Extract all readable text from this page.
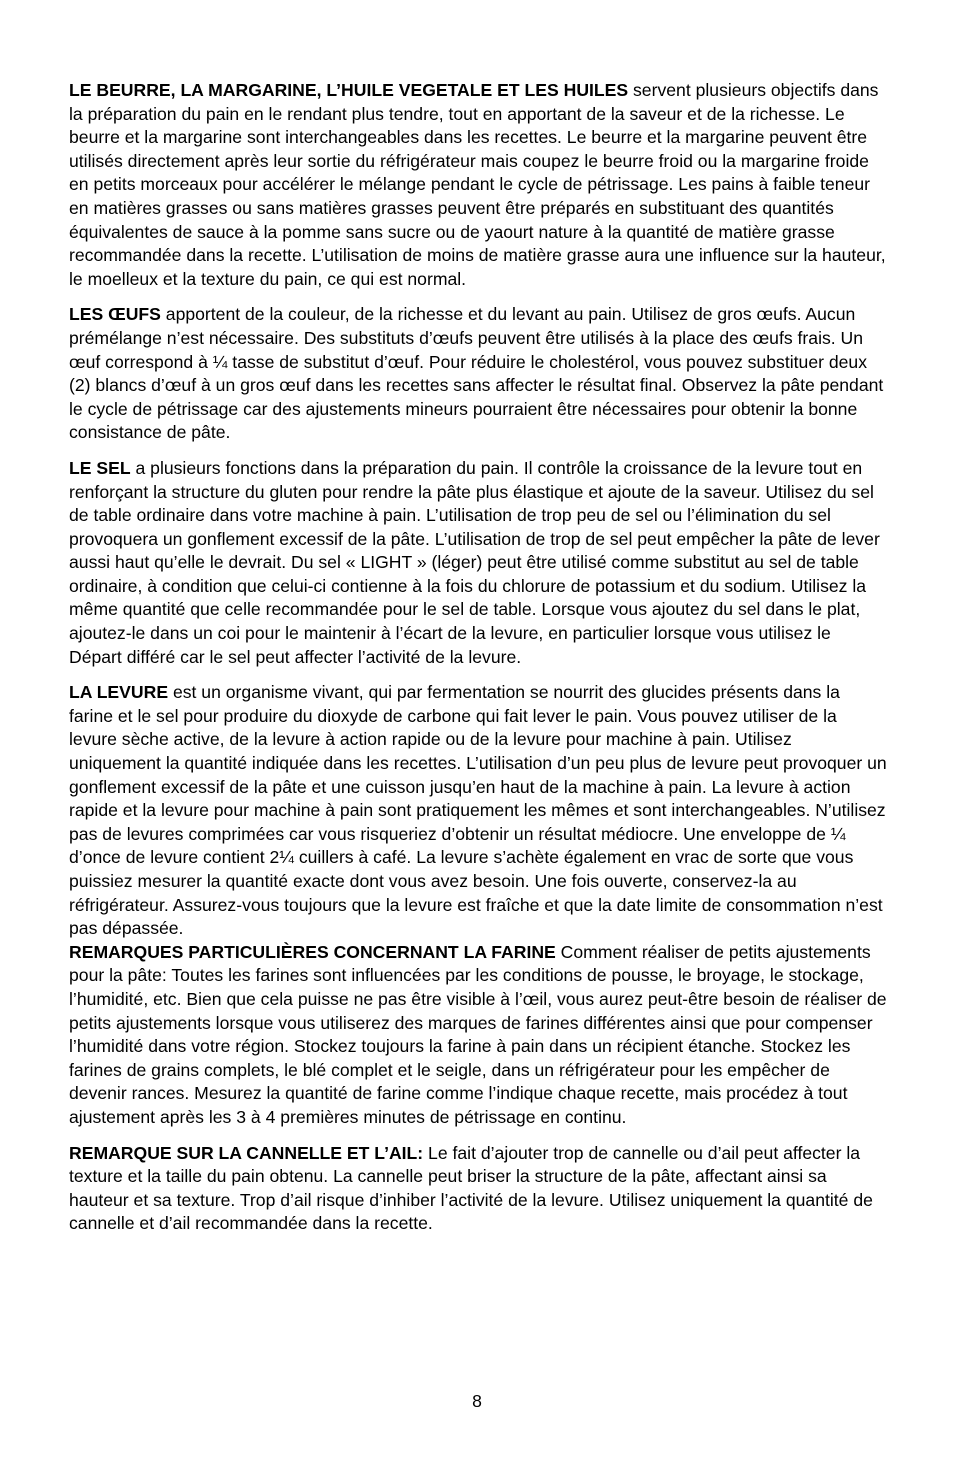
LE BEURRE, LA MARGARINE, L’HUILE VEGETALE ET LES HUILES servent plusieurs objectifs dans la préparation du pain en le rendant plus tendre, tout en apportant de la saveur et de la richesse. Le beurre et la margarine sont interchangeables dans les recettes. Le beurre et la margarine peuvent être utilisés directement après leur sortie du réfrigérateur mais coupez le beurre froid ou la margarine froide en petits morceaux pour accélérer le mélange pendant le cycle de pétrissage. Les pains à faible teneur en matières grasses ou sans matières grasses peuvent être préparés en substituant des quantités équivalentes de sauce à la pomme sans sucre ou de yaourt nature à la quantité de matière grasse recommandée dans la recette. L’utilisation de moins de matière grasse aura une influence sur la hauteur, le moelleux et la texture du pain, ce qui est normal.

LES ŒUFS apportent de la couleur, de la richesse et du levant au pain. Utilisez de gros œufs. Aucun prémélange n’est nécessaire. Des substituts d’œufs peuvent être utilisés à la place des œufs frais. Un œuf correspond à ¼ tasse de substitut d’œuf. Pour réduire le cholestérol, vous pouvez substituer deux (2) blancs d’œuf à un gros œuf dans les recettes sans affecter le résultat final. Observez la pâte pendant le cycle de pétrissage car des ajustements mineurs pourraient être nécessaires pour obtenir la bonne consistance de pâte.

LE SEL a plusieurs fonctions dans la préparation du pain. Il contrôle la croissance de la levure tout en renforçant la structure du gluten pour rendre la pâte plus élastique et ajoute de la saveur. Utilisez du sel de table ordinaire dans votre machine à pain. L’utilisation de trop peu de sel ou l’élimination du sel provoquera un gonflement excessif de la pâte. L’utilisation de trop de sel peut empêcher la pâte de lever aussi haut qu’elle le devrait. Du sel « LIGHT » (léger) peut être utilisé comme substitut au sel de table ordinaire, à condition que celui-ci contienne à la fois du chlorure de potassium et du sodium. Utilisez la même quantité que celle recommandée pour le sel de table. Lorsque vous ajoutez du sel dans le plat, ajoutez-le dans un coi pour le maintenir à l’écart de la levure, en particulier lorsque vous utilisez le Départ différé car le sel peut affecter l’activité de la levure.

LA LEVURE est un organisme vivant, qui par fermentation se nourrit des glucides présents dans la farine et le sel pour produire du dioxyde de carbone qui fait lever le pain. Vous pouvez utiliser de la levure sèche active, de la levure à action rapide ou de la levure pour machine à pain. Utilisez uniquement la quantité indiquée dans les recettes. L’utilisation d’un peu plus de levure peut provoquer un gonflement excessif de la pâte et une cuisson jusqu’en haut de la machine à pain. La levure à action rapide et la levure pour machine à pain sont pratiquement les mêmes et sont interchangeables. N’utilisez pas de levures comprimées car vous risqueriez d’obtenir un résultat médiocre. Une enveloppe de ¼ d’once de levure contient 2¼ cuillers à café. La levure s’achète également en vrac de sorte que vous puissiez mesurer la quantité exacte dont vous avez besoin. Une fois ouverte, conservez-la au réfrigérateur. Assurez-vous toujours que la levure est fraîche et que la date limite de consommation n’est pas dépassée.

REMARQUES PARTICULIÈRES CONCERNANT LA FARINE Comment réaliser de petits ajustements pour la pâte: Toutes les farines sont influencées par les conditions de pousse, le broyage, le stockage, l’humidité, etc. Bien que cela puisse ne pas être visible à l’œil, vous aurez peut-être besoin de réaliser de petits ajustements lorsque vous utiliserez des marques de farines différentes ainsi que pour compenser l’humidité dans votre région. Stockez toujours la farine à pain dans un récipient étanche. Stockez les farines de grains complets, le blé complet et le seigle, dans un réfrigérateur pour les empêcher de devenir rances. Mesurez la quantité de farine comme l’indique chaque recette, mais procédez à tout ajustement après les 3 à 4 premières minutes de pétrissage en continu.

REMARQUE SUR LA CANNELLE ET L’AIL: Le fait d’ajouter trop de cannelle ou d’ail peut affecter la texture et la taille du pain obtenu. La cannelle peut briser la structure de la pâte, affectant ainsi sa hauteur et sa texture. Trop d’ail risque d’inhiber l’activité de la levure. Utilisez uniquement la quantité de cannelle et d’ail recommandée dans la recette.

8
